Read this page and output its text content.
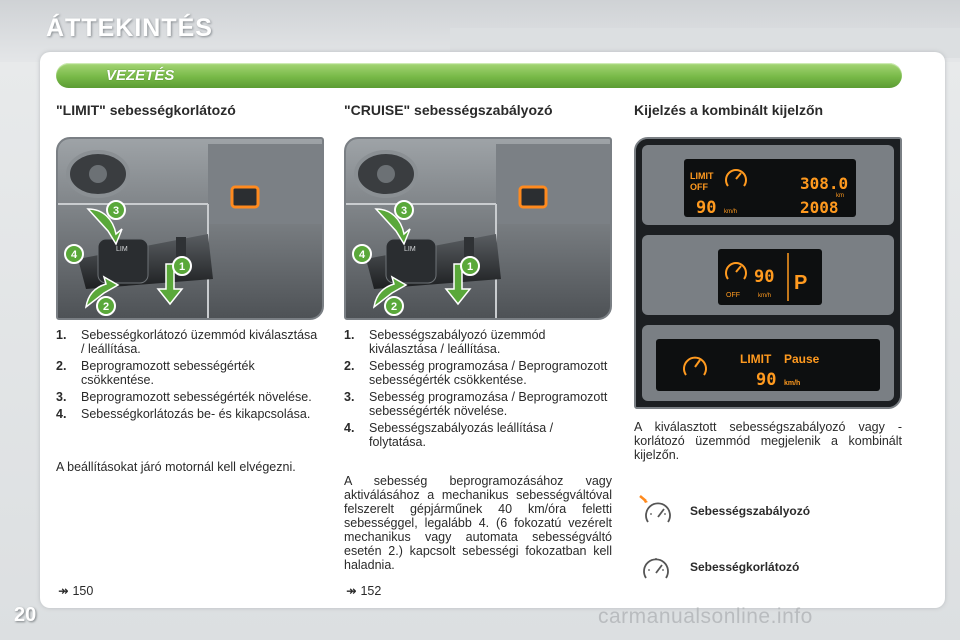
ÁTTEKINTÉS
VEZETÉS
"LIMIT" sebességkorlátozó	"CRUISE" sebességszabályozó	Kijelzés a kombinált kijelzőn
LIM
3
4
1
2
LIM
3
4
1
2
LIMIT
OFF
90 km/h
308.0
km
2008
OFF
90
km/h
P
LIMIT Pause
90 km/h
1. Sebességkorlátozó üzemmód kiválasztása / leállítása.
2. Beprogramozott sebességérték csökkentése.
3. Beprogramozott sebességérték növelése.
4. Sebességkorlátozás be- és kikapcsolása.
A beállításokat járó motornál kell elvégezni.
1. Sebességszabályozó üzemmód kiválasztása / leállítása.
2. Sebesség programozása / Beprogramozott sebességérték csökkentése.
3. Sebesség programozása / Beprogramozott sebességérték növelése.
4. Sebességszabályozás leállítása / folytatása.
A sebesség beprogramozásához vagy aktiválásához a mechanikus sebességváltóval felszerelt gépjárműnek 40 km/óra feletti sebességgel, legalább 4. (6 fokozatú vezérelt mechanikus vagy automata sebességváltó esetén 2.) kapcsolt sebességi fokozatban kell haladnia.
A kiválasztott sebességszabályozó vagy -korlátozó üzemmód megjelenik a kombinált kijelzőn.
Sebességszabályozó
Sebességkorlátozó
↠ 150	↠ 152
20	carmanualsonline.info
